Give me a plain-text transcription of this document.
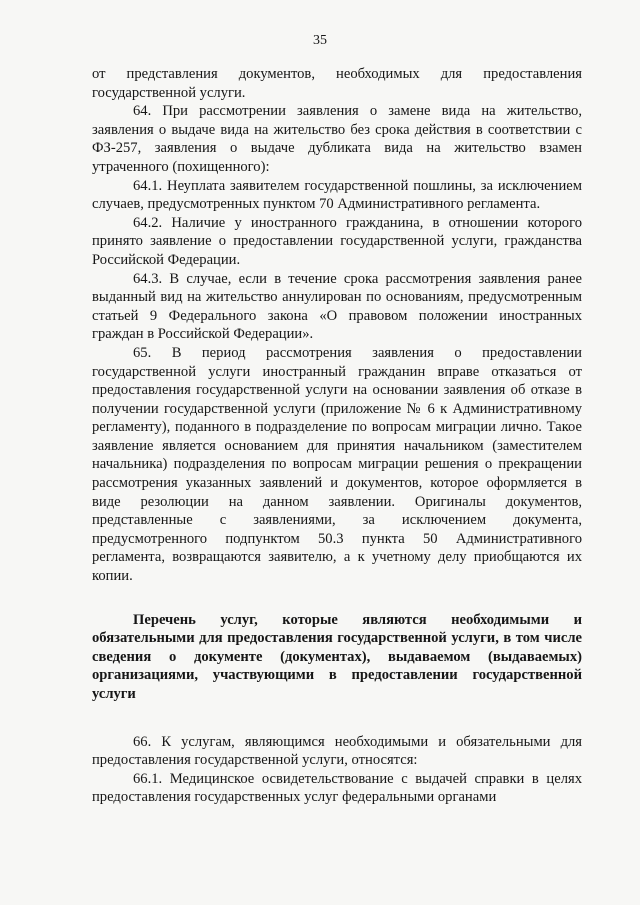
35

от представления документов, необходимых для предоставления государственной услуги.

64. При рассмотрении заявления о замене вида на жительство, заявления о выдаче вида на жительство без срока действия в соответствии с ФЗ-257, заявления о выдаче дубликата вида на жительство взамен утраченного (похищенного):

64.1. Неуплата заявителем государственной пошлины, за исключением случаев, предусмотренных пунктом 70 Административного регламента.

64.2. Наличие у иностранного гражданина, в отношении которого принято заявление о предоставлении государственной услуги, гражданства Российской Федерации.

64.3. В случае, если в течение срока рассмотрения заявления ранее выданный вид на жительство аннулирован по основаниям, предусмотренным статьей 9 Федерального закона «О правовом положении иностранных граждан в Российской Федерации».

65. В период рассмотрения заявления о предоставлении государственной услуги иностранный гражданин вправе отказаться от предоставления государственной услуги на основании заявления об отказе в получении государственной услуги (приложение № 6 к Административному регламенту), поданного в подразделение по вопросам миграции лично. Такое заявление является основанием для принятия начальником (заместителем начальника) подразделения по вопросам миграции решения о прекращении рассмотрения указанных заявлений и документов, которое оформляется в виде резолюции на данном заявлении. Оригиналы документов, представленные с заявлениями, за исключением документа, предусмотренного подпунктом 50.3 пункта 50 Административного регламента, возвращаются заявителю, а к учетному делу приобщаются их копии.

Перечень услуг, которые являются необходимыми и обязательными для предоставления государственной услуги, в том числе сведения о документе (документах), выдаваемом (выдаваемых) организациями, участвующими в предоставлении государственной услуги

66. К услугам, являющимся необходимыми и обязательными для предоставления государственной услуги, относятся:

66.1. Медицинское освидетельствование с выдачей справки в целях предоставления государственных услуг федеральными органами
